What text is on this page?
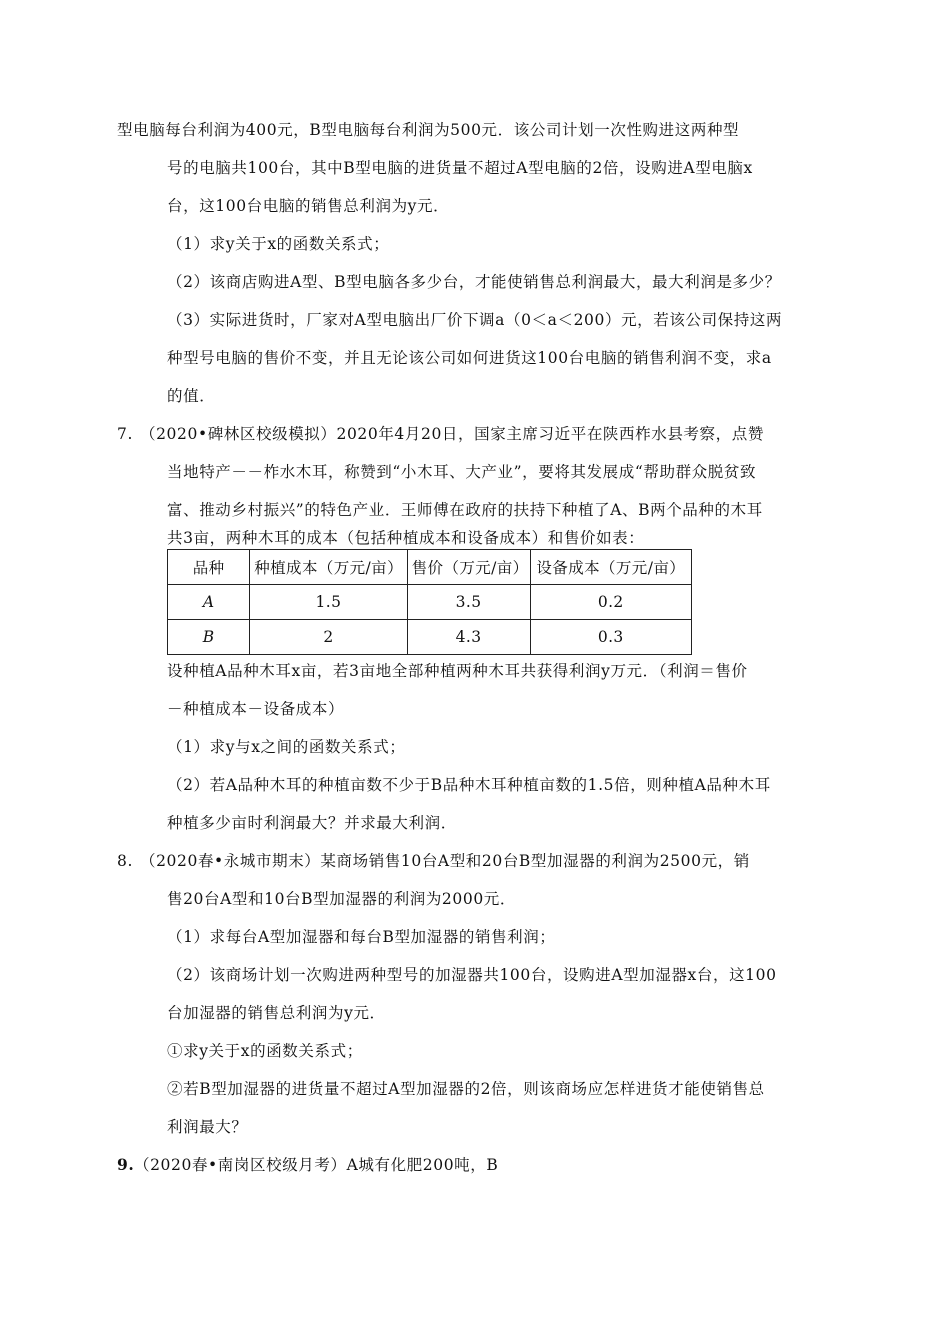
型电脑每台利润为400元，B型电脑每台利润为500元．该公司计划一次性购进这两种型
号的电脑共100台，其中B型电脑的进货量不超过A型电脑的2倍，设购进A型电脑x
台，这100台电脑的销售总利润为y元．
（1）求y关于x的函数关系式；
（2）该商店购进A型、B型电脑各多少台，才能使销售总利润最大，最大利润是多少？
（3）实际进货时，厂家对A型电脑出厂价下调a（0＜a＜200）元，若该公司保持这两
种型号电脑的售价不变，并且无论该公司如何进货这100台电脑的销售利润不变，求a
的值．
7. （2020•碑林区校级模拟）2020年4月20日，国家主席习近平在陕西柞水县考察，点赞
当地特产－－柞水木耳，称赞到“小木耳、大产业”，要将其发展成“帮助群众脱贫致
富、推动乡村振兴”的特色产业．王师傅在政府的扶持下种植了A、B两个品种的木耳
共3亩，两种木耳的成本（包括种植成本和设备成本）和售价如表：
品种	种植成本（万元/亩）	售价（万元/亩）	设备成本（万元/亩）
A	1.5	3.5	0.2
B	2	4.3	0.3
设种植A品种木耳x亩，若3亩地全部种植两种木耳共获得利润y万元．（利润＝售价
－种植成本－设备成本）
（1）求y与x之间的函数关系式；
（2）若A品种木耳的种植亩数不少于B品种木耳种植亩数的1.5倍，则种植A品种木耳
种植多少亩时利润最大？并求最大利润．
8. （2020春•永城市期末）某商场销售10台A型和20台B型加湿器的利润为2500元，销
售20台A型和10台B型加湿器的利润为2000元．
（1）求每台A型加湿器和每台B型加湿器的销售利润；
（2）该商场计划一次购进两种型号的加湿器共100台，设购进A型加湿器x台，这100
台加湿器的销售总利润为y元．
①求y关于x的函数关系式；
②若B型加湿器的进货量不超过A型加湿器的2倍，则该商场应怎样进货才能使销售总
利润最大？
9. （2020春•南岗区校级月考）A城有化肥200吨，B
